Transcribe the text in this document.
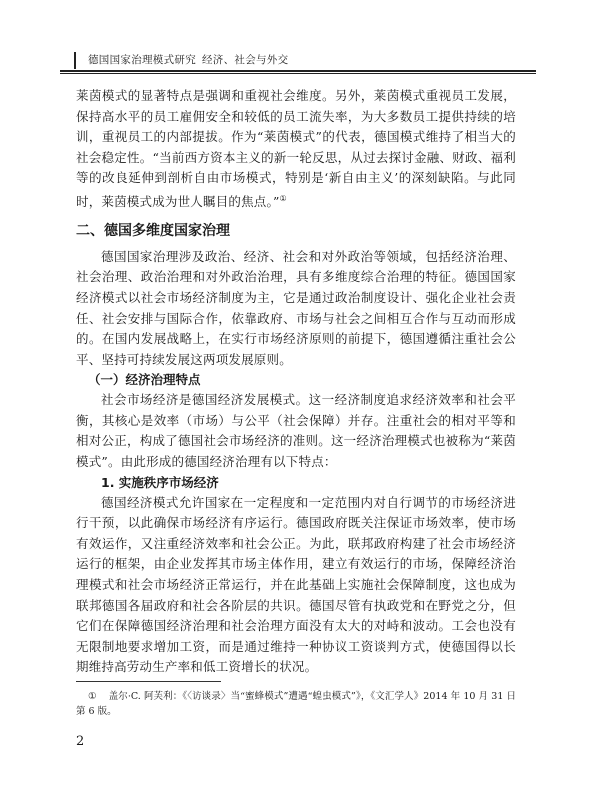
德国国家治理模式研究 经济、社会与外交

莱茵模式的显著特点是强调和重视社会维度。另外，莱茵模式重视员工发展，保持高水平的员工雇佣安全和较低的员工流失率，为大多数员工提供持续的培训，重视员工的内部提拔。作为“莱茵模式”的代表，德国模式维持了相当大的社会稳定性。“当前西方资本主义的新一轮反思，从过去探讨金融、财政、福利等的改良延伸到剖析自由市场模式，特别是‘新自由主义’的深刻缺陷。与此同时，莱茵模式成为世人瞩目的焦点。”①

二、德国多维度国家治理

德国国家治理涉及政治、经济、社会和对外政治等领域，包括经济治理、社会治理、政治治理和对外政治治理，具有多维度综合治理的特征。德国国家经济模式以社会市场经济制度为主，它是通过政治制度设计、强化企业社会责任、社会安排与国际合作，依靠政府、市场与社会之间相互合作与互动而形成的。在国内发展战略上，在实行市场经济原则的前提下，德国遵循注重社会公平、坚持可持续发展这两项发展原则。

（一）经济治理特点

社会市场经济是德国经济发展模式。这一经济制度追求经济效率和社会平衡，其核心是效率（市场）与公平（社会保障）并存。注重社会的相对平等和相对公正，构成了德国社会市场经济的准则。这一经济治理模式也被称为“莱茵模式”。由此形成的德国经济治理有以下特点：

1. 实施秩序市场经济

德国经济模式允许国家在一定程度和一定范围内对自行调节的市场经济进行干预，以此确保市场经济有序运行。德国政府既关注保证市场效率，使市场有效运作，又注重经济效率和社会公正。为此，联邦政府构建了社会市场经济运行的框架，由企业发挥其市场主体作用，建立有效运行的市场，保障经济治理模式和社会市场经济正常运行，并在此基础上实施社会保障制度，这也成为联邦德国各届政府和社会各阶层的共识。德国尽管有执政党和在野党之分，但它们在保障德国经济治理和社会治理方面没有太大的对峙和波动。工会也没有无限制地要求增加工资，而是通过维持一种协议工资谈判方式，使德国得以长期维持高劳动生产率和低工资增长的状况。

① 盖尔·C. 阿芙利：《〈访谈录〉当“蜜蜂模式”遭遇“蝗虫模式”》，《文汇学人》2014 年 10 月 31 日第 6 版。
2
